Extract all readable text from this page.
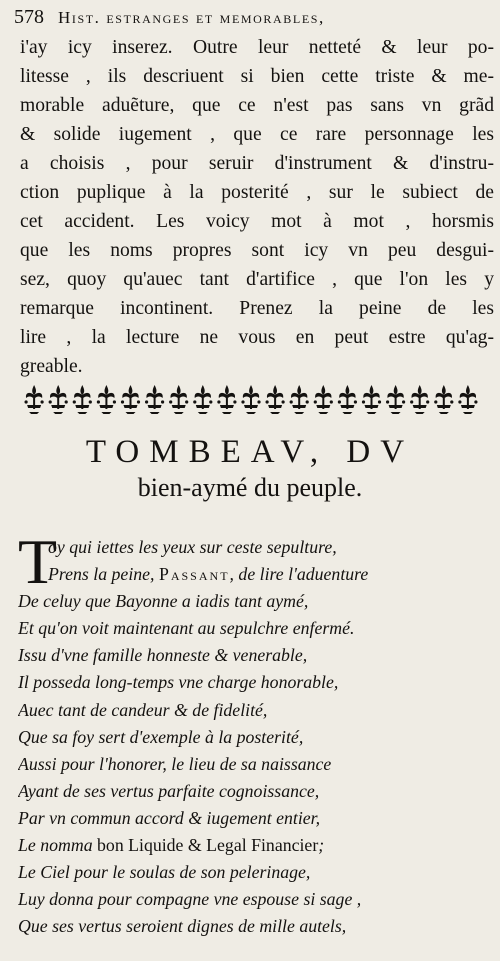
578 Hist. estranges et memorables,
i'ay icy inserez. Outre leur netteté & leur po-
litesse , ils descriuent si bien cette triste & me-
morable aduẽture, que ce n'est pas sans vn grãd
& solide iugement , que ce rare personnage les
a choisis , pour seruir d'instrument & d'instru-
ction puplique à la posterité , sur le subiect de
cet accident. Les voicy mot à mot , horsmis
que les noms propres sont icy vn peu desgui-
sez, quoy qu'auec tant d'artifice , que l'on les y
remarque incontinent. Prenez la peine de les
lire , la lecture ne vous en peut estre qu'ag-
greable.
TOMBEAV, DV
bien-aymé du peuple.
T
oy qui iettes les yeux sur ceste sepulture,
Prens la peine, Passant, de lire l'aduenture
De celuy que Bayonne a iadis tant aymé,
Et qu'on voit maintenant au sepulchre enfermé.
Issu d'vne famille honneste & venerable,
Il posseda long-temps vne charge honorable,
Auec tant de candeur & de fidelité,
Que sa foy sert d'exemple à la posterité,
Aussi pour l'honorer, le lieu de sa naissance
Ayant de ses vertus parfaite cognoissance,
Par vn commun accord & iugement entier,
Le nomma bon Liquide & Legal Financier;
Le Ciel pour le soulas de son pelerinage,
Luy donna pour compagne vne espouse si sage ,
Que ses vertus seroient dignes de mille autels,
